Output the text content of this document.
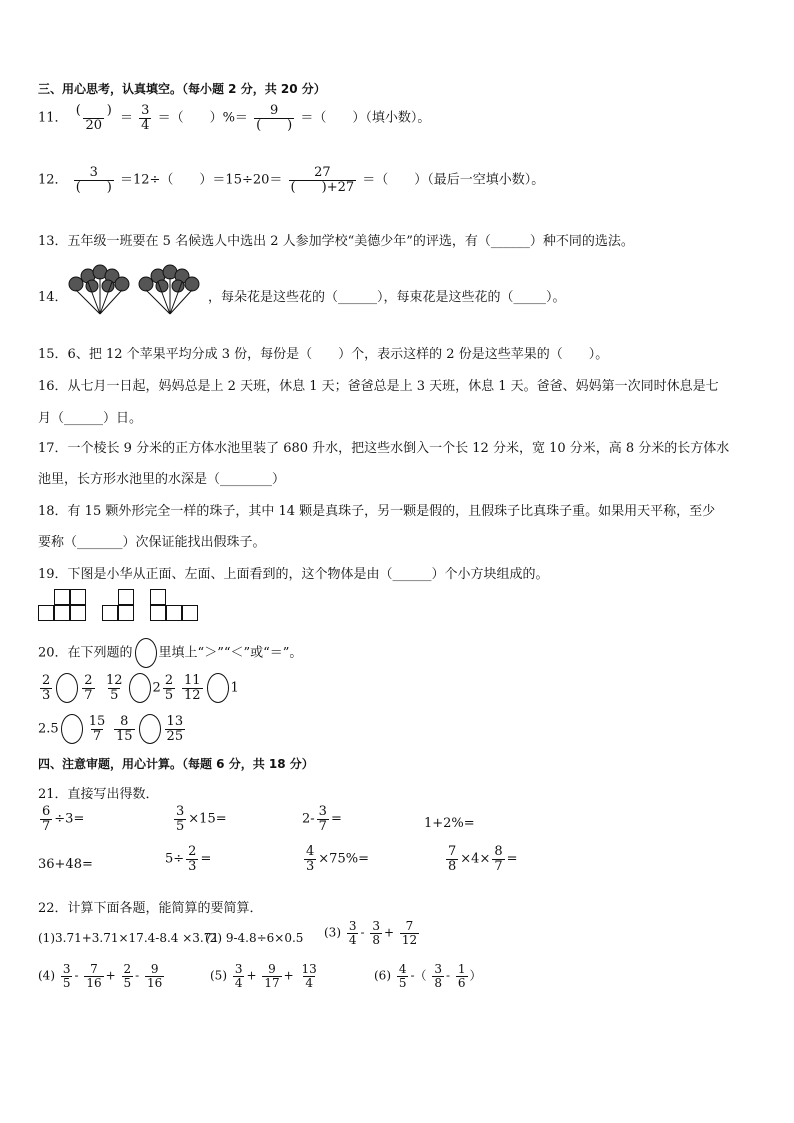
三、用心思考，认真填空。（每小题 2 分，共 20 分）
11． $\frac{( )}{20} = \frac{3}{4}$ ＝（　　）%＝ $\frac{9}{( )}$ ＝（　　）（填小数）。
12． $\frac{3}{( )} =12\div$（　　）$=15\div 20= \frac{27}{( )+27}$ ＝（　　）（最后一空填小数）。
13．五年级一班要在 5 名候选人中选出 2 人参加学校“美德少年”的评选，有（______）种不同的选法。
14．	，每朵花是这些花的（______），每束花是这些花的（_____）。
15．6、把 12 个苹果平均分成 3 份，每份是（　　）个，表示这样的 2 份是这些苹果的（　　）。
16．从七月一日起，妈妈总是上 2 天班，休息 1 天；爸爸总是上 3 天班，休息 1 天。爸爸、妈妈第一次同时休息是七
月（______）日。
17．一个棱长 9 分米的正方体水池里装了 680 升水，把这些水倒入一个长 12 分米，宽 10 分米，高 8 分米的长方体水
池里，长方形水池里的水深是（________）
18．有 15 颗外形完全一样的珠子，其中 14 颗是真珠子，另一颗是假的，且假珠子比真珠子重。如果用天平称，至少
要称（_______）次保证能找出假珠子。
19．下图是小华从正面、左面、上面看到的，这个物体是由（______）个小方块组成的。
20．在下列题的 里填上“＞”“＜”或“＝”。
$\frac{2}{3} \frac{2}{7} \frac{12}{5} 2 \frac{2}{5} \frac{11}{12} 1$
$2.5 \frac{15}{7} \frac{8}{15} \frac{13}{25}$
四、注意审题，用心计算。（每题 6 分，共 18 分）
21．直接写出得数．
$\frac{6}{7} \div 3=$	$\frac{3}{5} \times 15=$	$2- \frac{3}{7}$ =	1+2%=
36+48=	$5\div \frac{2}{3}$ =	$\frac{4}{3} \times 75\%=$	$\frac{7}{8} \times 4\times \frac{8}{7}$ =
22．计算下面各题，能简算的要简算．
(1)3.71+3.71×17.4-8.4 ×3.71
(2) 9-4.8÷6×0.5 $(3) \frac{3}{4} - \frac{3}{8} + \frac{7}{12}$
$(4) \frac{3}{5} - \frac{7}{16} + \frac{2}{5} - \frac{9}{16}$	$(5) \frac{3}{4} + \frac{9}{17} + \frac{13}{4}$	$(6) \frac{4}{5}$ -（ $\frac{3}{8} - \frac{1}{6}$ ）
